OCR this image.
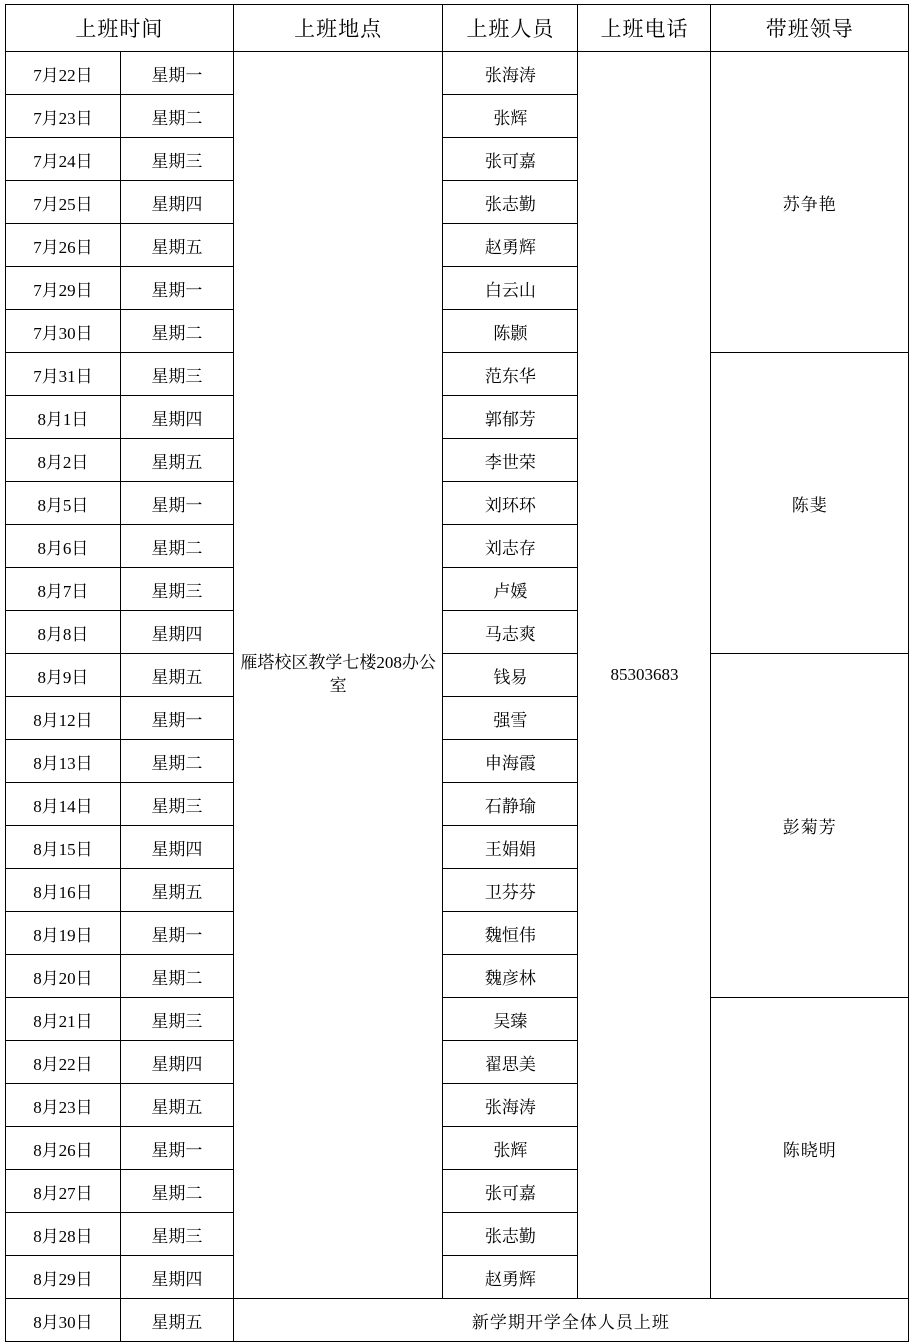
上班时间		上班地点	上班人员	上班电话	带班领导
7月22日	星期一	雁塔校区教学七楼208办公室	张海涛	85303683	苏争艳
7月23日	星期二		张辉		
7月24日	星期三		张可嘉		
7月25日	星期四		张志勤		
7月26日	星期五		赵勇辉		
7月29日	星期一		白云山		
7月30日	星期二		陈颢		
7月31日	星期三		范东华		陈斐
8月1日	星期四		郭郁芳		
8月2日	星期五		李世荣		
8月5日	星期一		刘环环		
8月6日	星期二		刘志存		
8月7日	星期三		卢媛		
8月8日	星期四		马志爽		
8月9日	星期五		钱易		彭菊芳
8月12日	星期一		强雪		
8月13日	星期二		申海霞		
8月14日	星期三		石静瑜		
8月15日	星期四		王娟娟		
8月16日	星期五		卫芬芬		
8月19日	星期一		魏恒伟		
8月20日	星期二		魏彦林		
8月21日	星期三		吴臻		陈晓明
8月22日	星期四		翟思美		
8月23日	星期五		张海涛		
8月26日	星期一		张辉		
8月27日	星期二		张可嘉		
8月28日	星期三		张志勤		
8月29日	星期四		赵勇辉		
8月30日	星期五	新学期开学全体人员上班			
